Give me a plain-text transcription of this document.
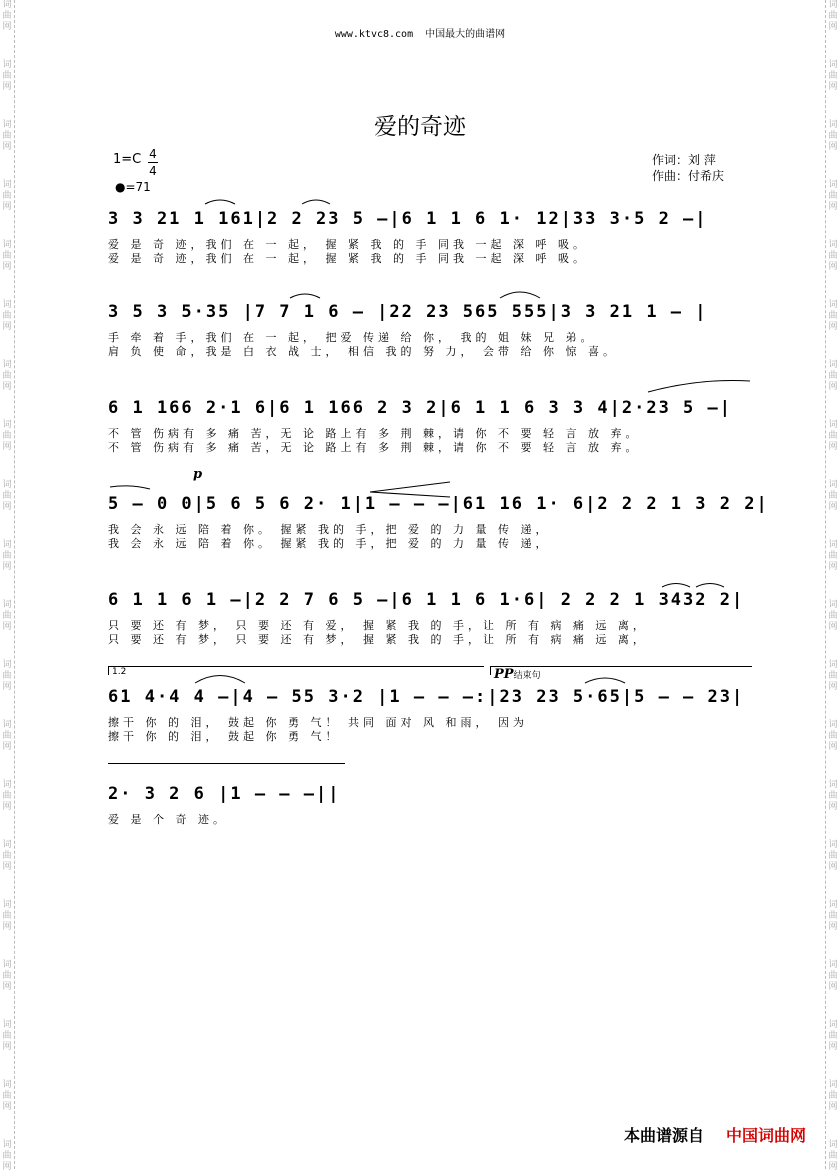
词
曲
网
词
曲
网
词
曲
网
词
曲
网
词
曲
网
词
曲
网
词
曲
网
词
曲
网
词
曲
网
词
曲
网
词
曲
网
词
曲
网
词
曲
网
词
曲
网
词
曲
网
词
曲
网
词
曲
网
词
曲
网
词
曲
网
词
曲
网
词
曲
网
词
曲
网
词
曲
网
词
曲
网
词
曲
网
词
曲
网
词
曲
网
词
曲
网
词
曲
网
词
曲
网
词
曲
网
词
曲
网
词
曲
网
词
曲
网
词
曲
网
词
曲
网
词
曲
网
词
曲
网
词
曲
网
词
曲
网
www.ktvc8.com 中国最大的曲谱网
爱的奇迹
$1=C \frac{4}{4}$
●=71
作词：刘 萍
作曲：付希庆
3 3 21 1 161|2 2 23 5 –|6 1 1 6 1· 12|33 3·5 2 –|
爱 是 奇 迹，我们 在 一 起， 握 紧 我 的 手 同我 一起 深 呼 吸。
爱 是 奇 迹，我们 在 一 起， 握 紧 我 的 手 同我 一起 深 呼 吸。
3 5 3 5·35 |7 7 1 6 – |22 23 565 555|3 3 21 1 – |
手 牵 着 手，我们 在 一 起， 把爱 传递 给 你， 我的 姐 妹 兄 弟。
肩 负 使 命，我是 白 衣 战 士， 相信 我的 努 力， 会带 给 你 惊 喜。
6 1 166 2·1 6|6 1 166 2 3 2|6 1 1 6 3 3 4|2·23 5 –|
不 管 伤病有 多 痛 苦，无 论 路上有 多 荆 棘，请 你 不 要 轻 言 放 弃。
不 管 伤病有 多 痛 苦，无 论 路上有 多 荆 棘，请 你 不 要 轻 言 放 弃。
p
5 – 0 0|5 6 5 6 2· 1|1 – – –|61 16 1· 6|2 2 2 1 3 2 2|
我 会 永 远 陪 着 你。 握紧 我的 手，把 爱 的 力 量 传 递，
我 会 永 远 陪 着 你。 握紧 我的 手，把 爱 的 力 量 传 递，
6 1 1 6 1 –|2 2 7 6 5 –|6 1 1 6 1·6| 2 2 2 1 3432 2|
只 要 还 有 梦， 只 要 还 有 爱， 握 紧 我 的 手，让 所 有 病 痛 远 离，
只 要 还 有 梦， 只 要 还 有 梦， 握 紧 我 的 手，让 所 有 病 痛 远 离，
1.2	PP结束句
61 4·4 4 –|4 – 55 3·2 |1 – – –:|23 23 5·65|5 – – 23|
擦干 你 的 泪， 鼓起 你 勇 气！ 共同 面对 风 和雨， 因为
擦干 你 的 泪， 鼓起 你 勇 气！
2· 3 2 6 |1 – – –||
爱 是 个 奇 迹。
本曲谱源自 中国词曲网
